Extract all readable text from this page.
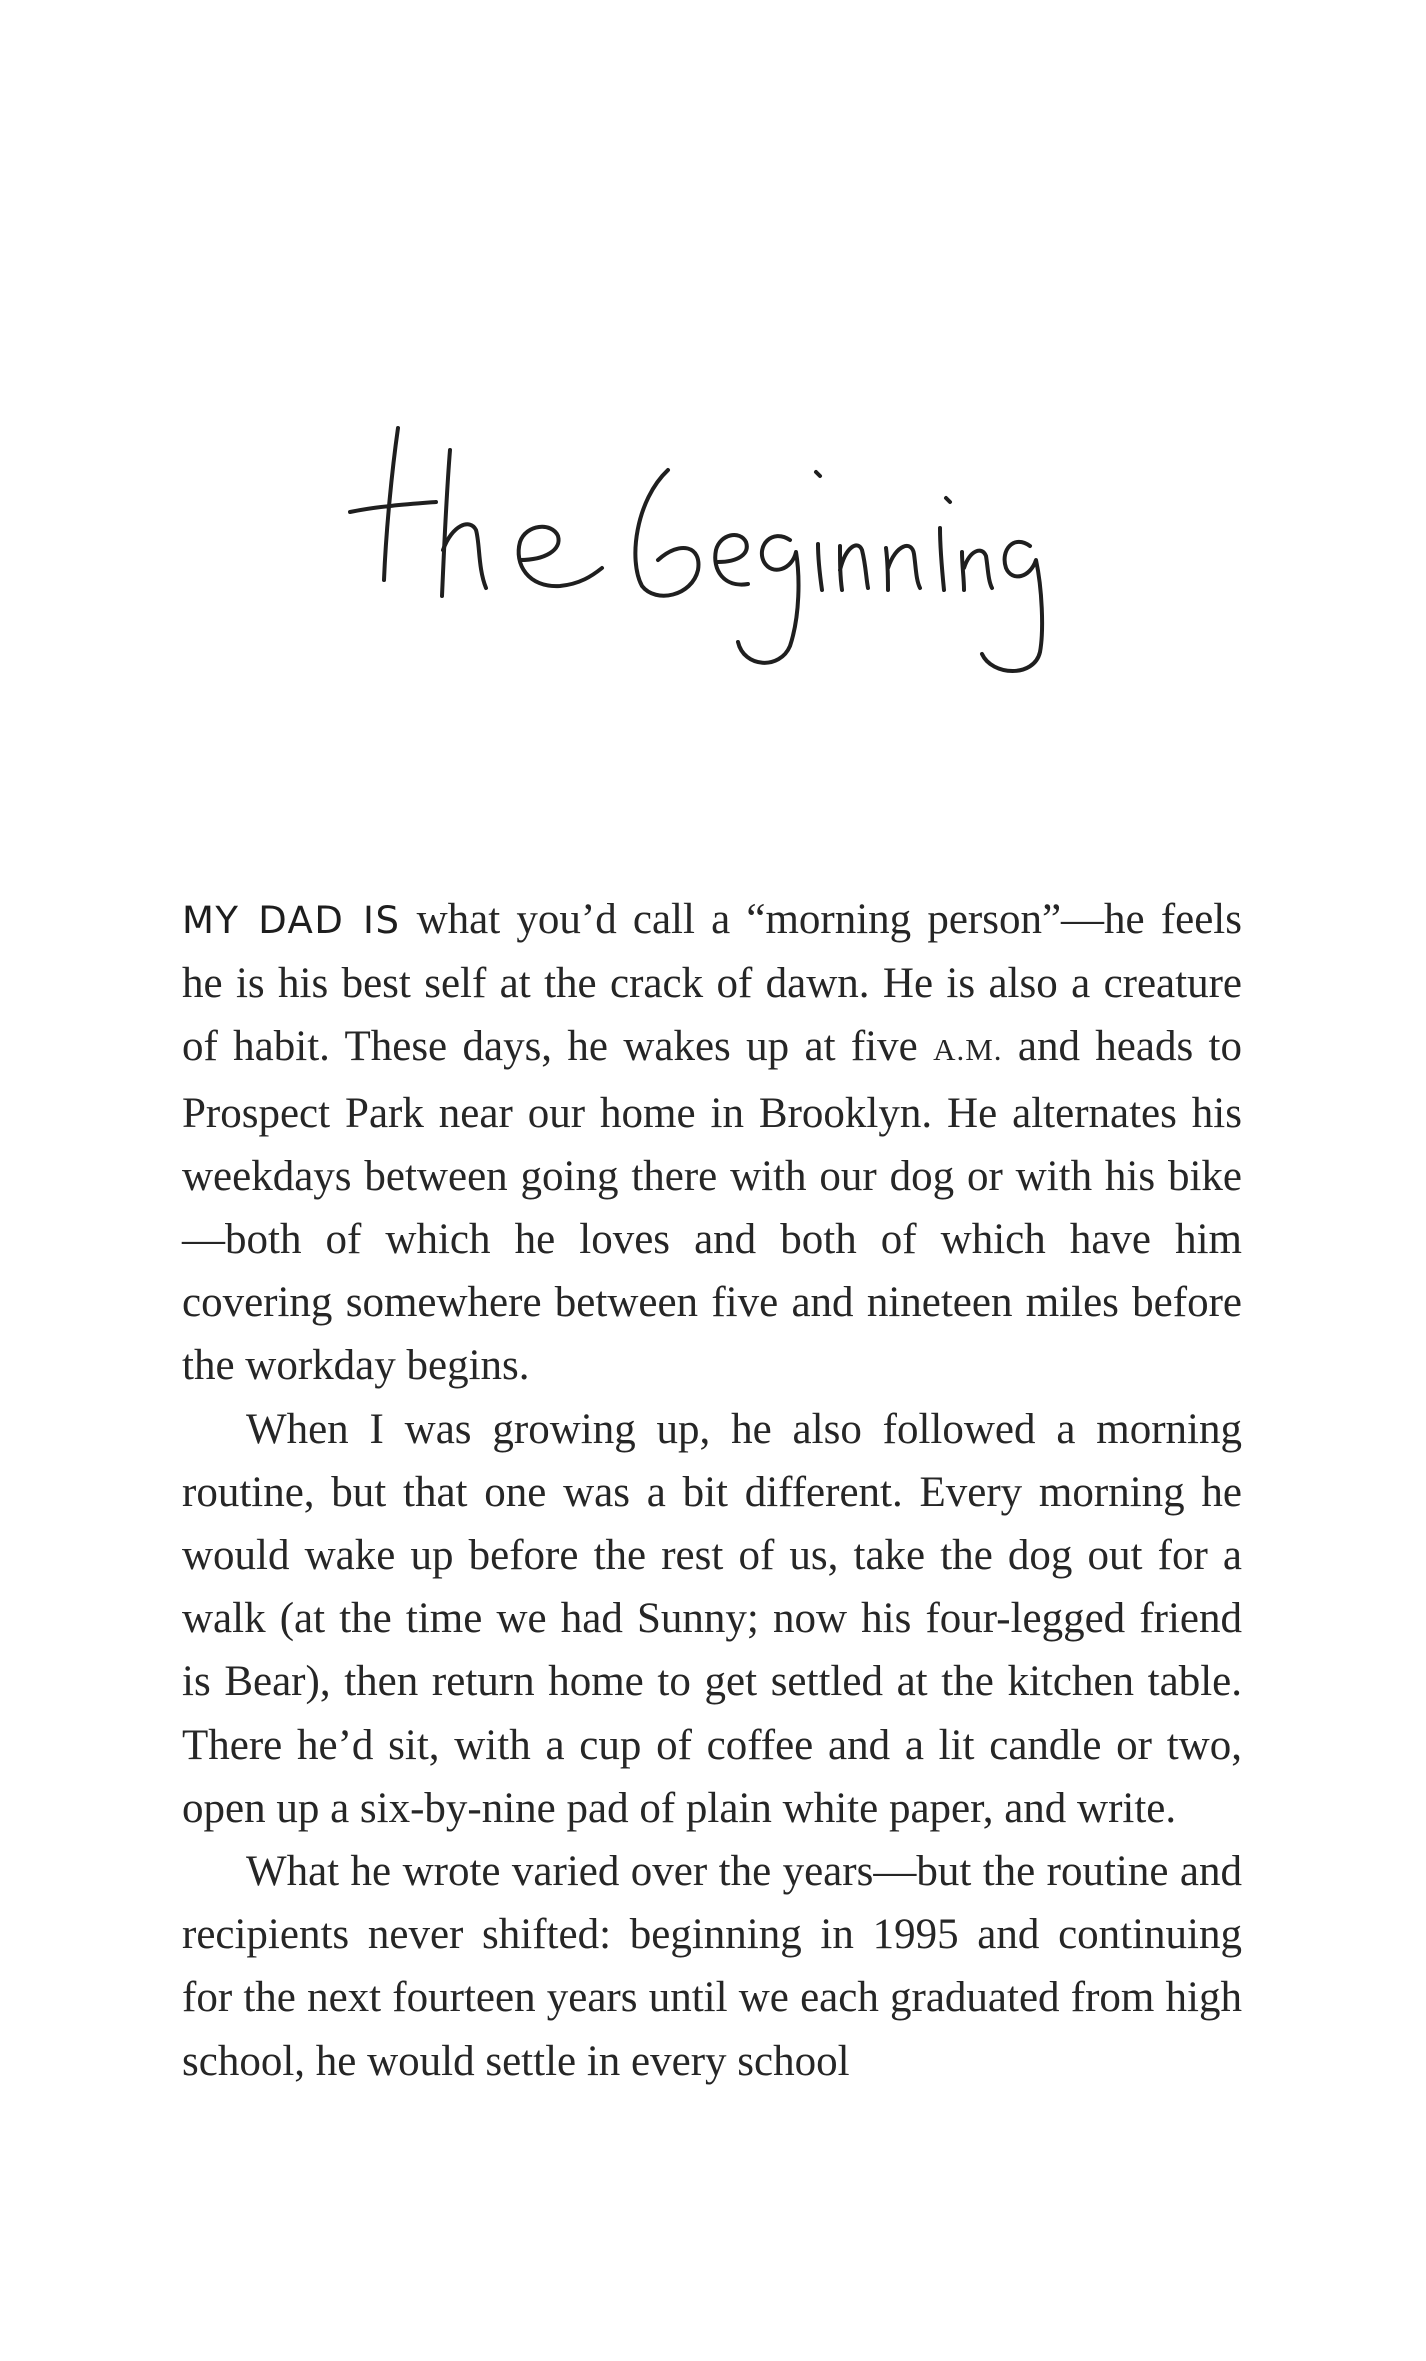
MY DAD IS what you’d call a “morning person”—he feels he is his best self at the crack of dawn. He is also a creature of habit. These days, he wakes up at five A.M. and heads to Prospect Park near our home in Brooklyn. He alternates his weekdays between going there with our dog or with his bike—both of which he loves and both of which have him covering somewhere between five and nineteen miles before the workday begins.

When I was growing up, he also followed a morning routine, but that one was a bit different. Every morning he would wake up before the rest of us, take the dog out for a walk (at the time we had Sunny; now his four-legged friend is Bear), then return home to get settled at the kitchen table. There he’d sit, with a cup of coffee and a lit candle or two, open up a six-by-nine pad of plain white paper, and write.

What he wrote varied over the years—but the routine and recipients never shifted: beginning in 1995 and continuing for the next fourteen years until we each graduated from high school, he would settle in every school
